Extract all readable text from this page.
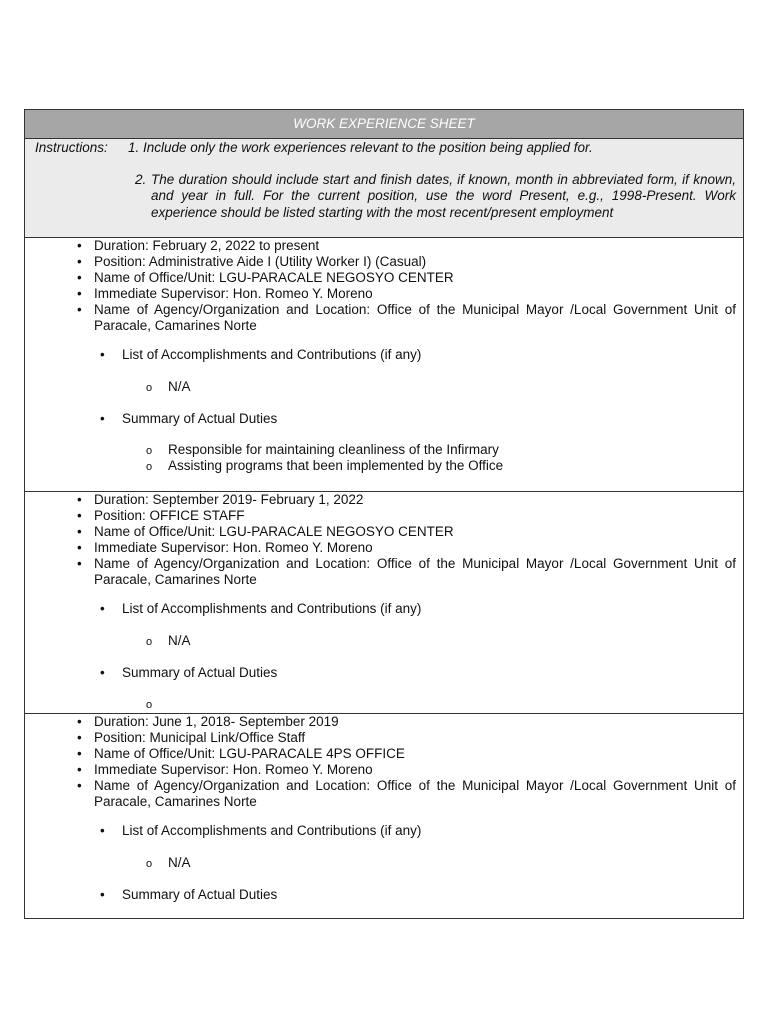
WORK EXPERIENCE SHEET
Instructions: 1. Include only the work experiences relevant to the position being applied for.
2. The duration should include start and finish dates, if known, month in abbreviated form, if known, and year in full. For the current position, use the word Present, e.g., 1998-Present. Work experience should be listed starting with the most recent/present employment
• Duration: February 2, 2022 to present
• Position: Administrative Aide I (Utility Worker I) (Casual)
• Name of Office/Unit: LGU-PARACALE NEGOSYO CENTER
• Immediate Supervisor: Hon. Romeo Y. Moreno
• Name of Agency/Organization and Location: Office of the Municipal Mayor /Local Government Unit of Paracale, Camarines Norte
• List of Accomplishments and Contributions (if any)
o N/A
• Summary of Actual Duties
o Responsible for maintaining cleanliness of the Infirmary
o Assisting programs that been implemented by the Office
• Duration: September 2019- February 1, 2022
• Position: OFFICE STAFF
• Name of Office/Unit: LGU-PARACALE NEGOSYO CENTER
• Immediate Supervisor: Hon. Romeo Y. Moreno
• Name of Agency/Organization and Location: Office of the Municipal Mayor /Local Government Unit of Paracale, Camarines Norte
• List of Accomplishments and Contributions (if any)
o N/A
• Summary of Actual Duties
• Duration: June 1, 2018- September 2019
• Position: Municipal Link/Office Staff
• Name of Office/Unit: LGU-PARACALE 4PS OFFICE
• Immediate Supervisor: Hon. Romeo Y. Moreno
• Name of Agency/Organization and Location: Office of the Municipal Mayor /Local Government Unit of Paracale, Camarines Norte
• List of Accomplishments and Contributions (if any)
o N/A
• Summary of Actual Duties
